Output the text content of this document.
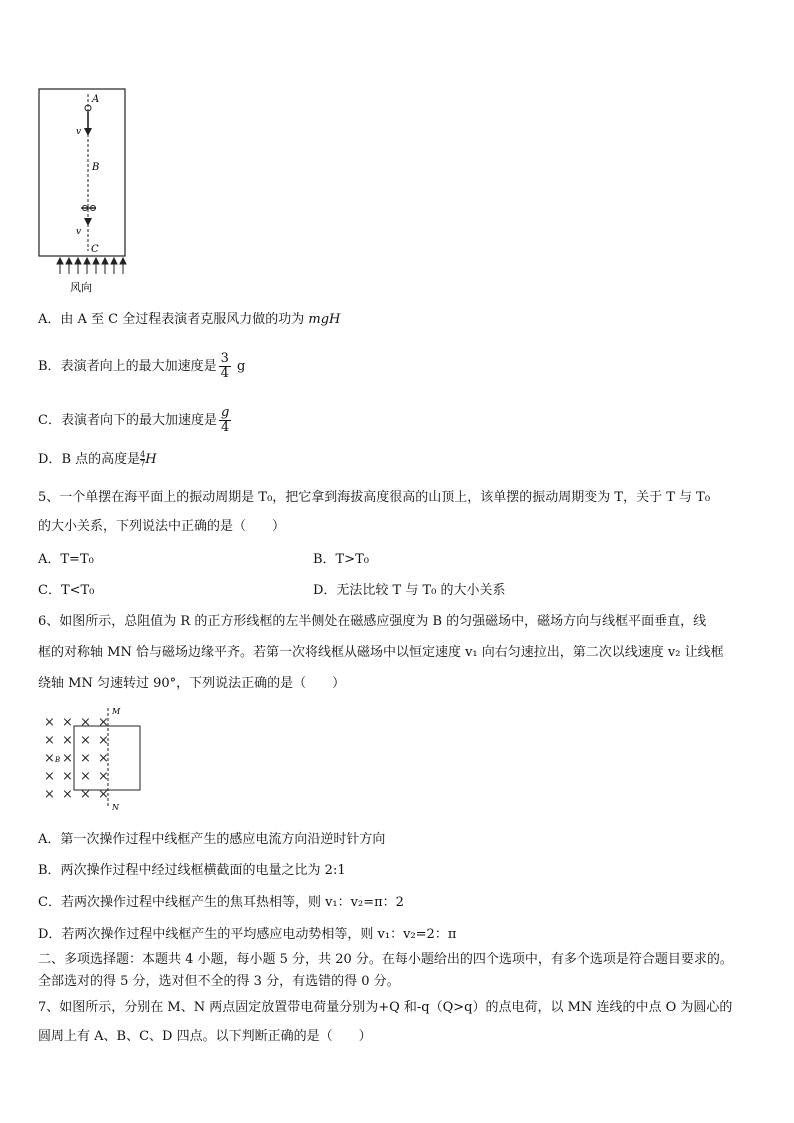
A
v
B
v
C
风向
A．由 A 至 C 全过程表演者克服风力做的功为 mgH
B．表演者向上的最大加速度是 $\frac{3}{4}$ g
C．表演者向下的最大加速度是 $\frac{g}{4}$
D．B 点的高度是 $\frac{4}{7}$ H
5、一个单摆在海平面上的振动周期是 T₀，把它拿到海拔高度很高的山顶上，该单摆的振动周期变为 T，关于 T 与 T₀
的大小关系，下列说法中正确的是（　　）
A．T=T₀	B．T>T₀
C．T<T₀	D．无法比较 T 与 T₀ 的大小关系
6、如图所示，总阻值为 R 的正方形线框的左半侧处在磁感应强度为 B 的匀强磁场中，磁场方向与线框平面垂直，线
框的对称轴 MN 恰与磁场边缘平齐。若第一次将线框从磁场中以恒定速度 v₁ 向右匀速拉出，第二次以线速度 v₂ 让线框
绕轴 MN 匀速转过 90°，下列说法正确的是（　　）
× × × ×
× × × ×
× × × ×
× × × ×
× × × ×
M
N
B
A．第一次操作过程中线框产生的感应电流方向沿逆时针方向
B．两次操作过程中经过线框横截面的电量之比为 2:1
C．若两次操作过程中线框产生的焦耳热相等，则 v₁：v₂=π：2
D．若两次操作过程中线框产生的平均感应电动势相等，则 v₁：v₂=2：π
二、多项选择题：本题共 4 小题，每小题 5 分，共 20 分。在每小题给出的四个选项中，有多个选项是符合题目要求的。
全部选对的得 5 分，选对但不全的得 3 分，有选错的得 0 分。
7、如图所示，分别在 M、N 两点固定放置带电荷量分别为+Q 和-q（Q>q）的点电荷，以 MN 连线的中点 O 为圆心的
圆周上有 A、B、C、D 四点。以下判断正确的是（　　）
